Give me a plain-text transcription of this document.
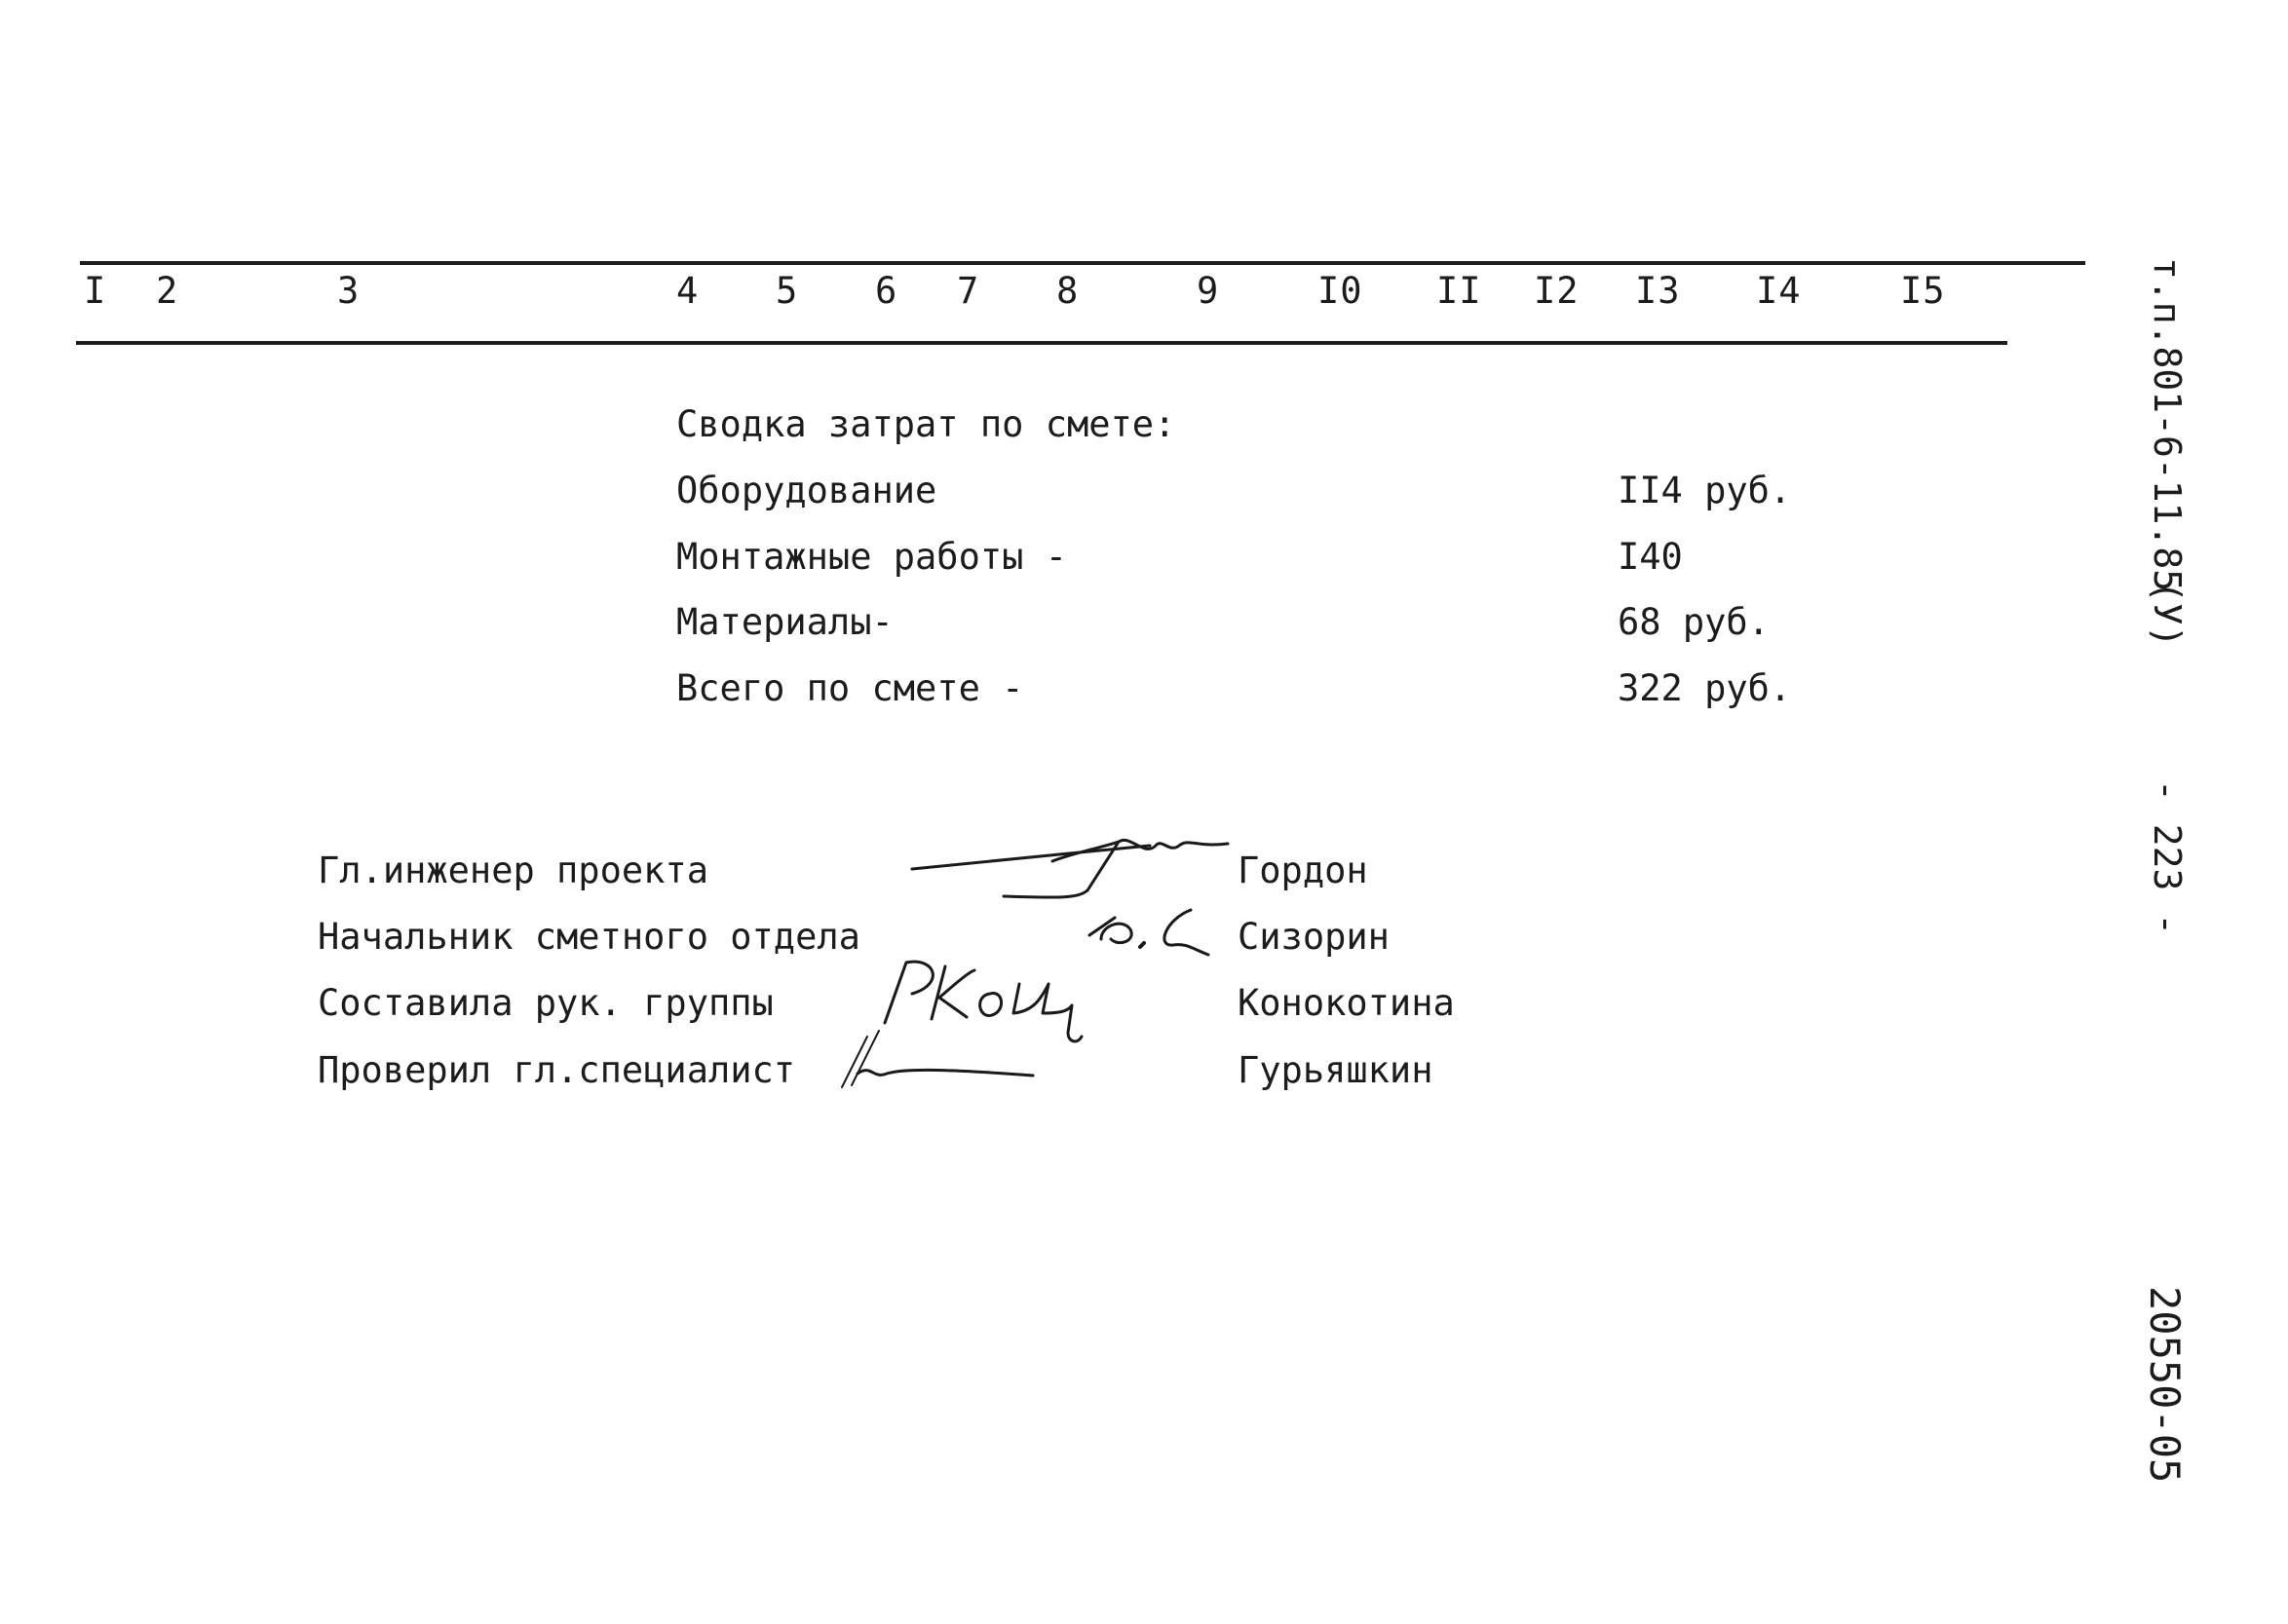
I 2	3	4 5 6 7 8	9	I0 II I2 I3 I4	I5
Сводка затрат по смете:
Оборудование	II4 руб.
Монтажные работы -	I40
Материалы-	68 руб.
Всего по смете -	322 руб.
Гл.инженер проекта	Гордон
Начальник сметного отдела	Сизорин
Составила рук. группы	Конокотина
Проверил гл.специалист	Гурьяшкин
т.п.801-6-11.85
(У)
- 223 -
20550-05
